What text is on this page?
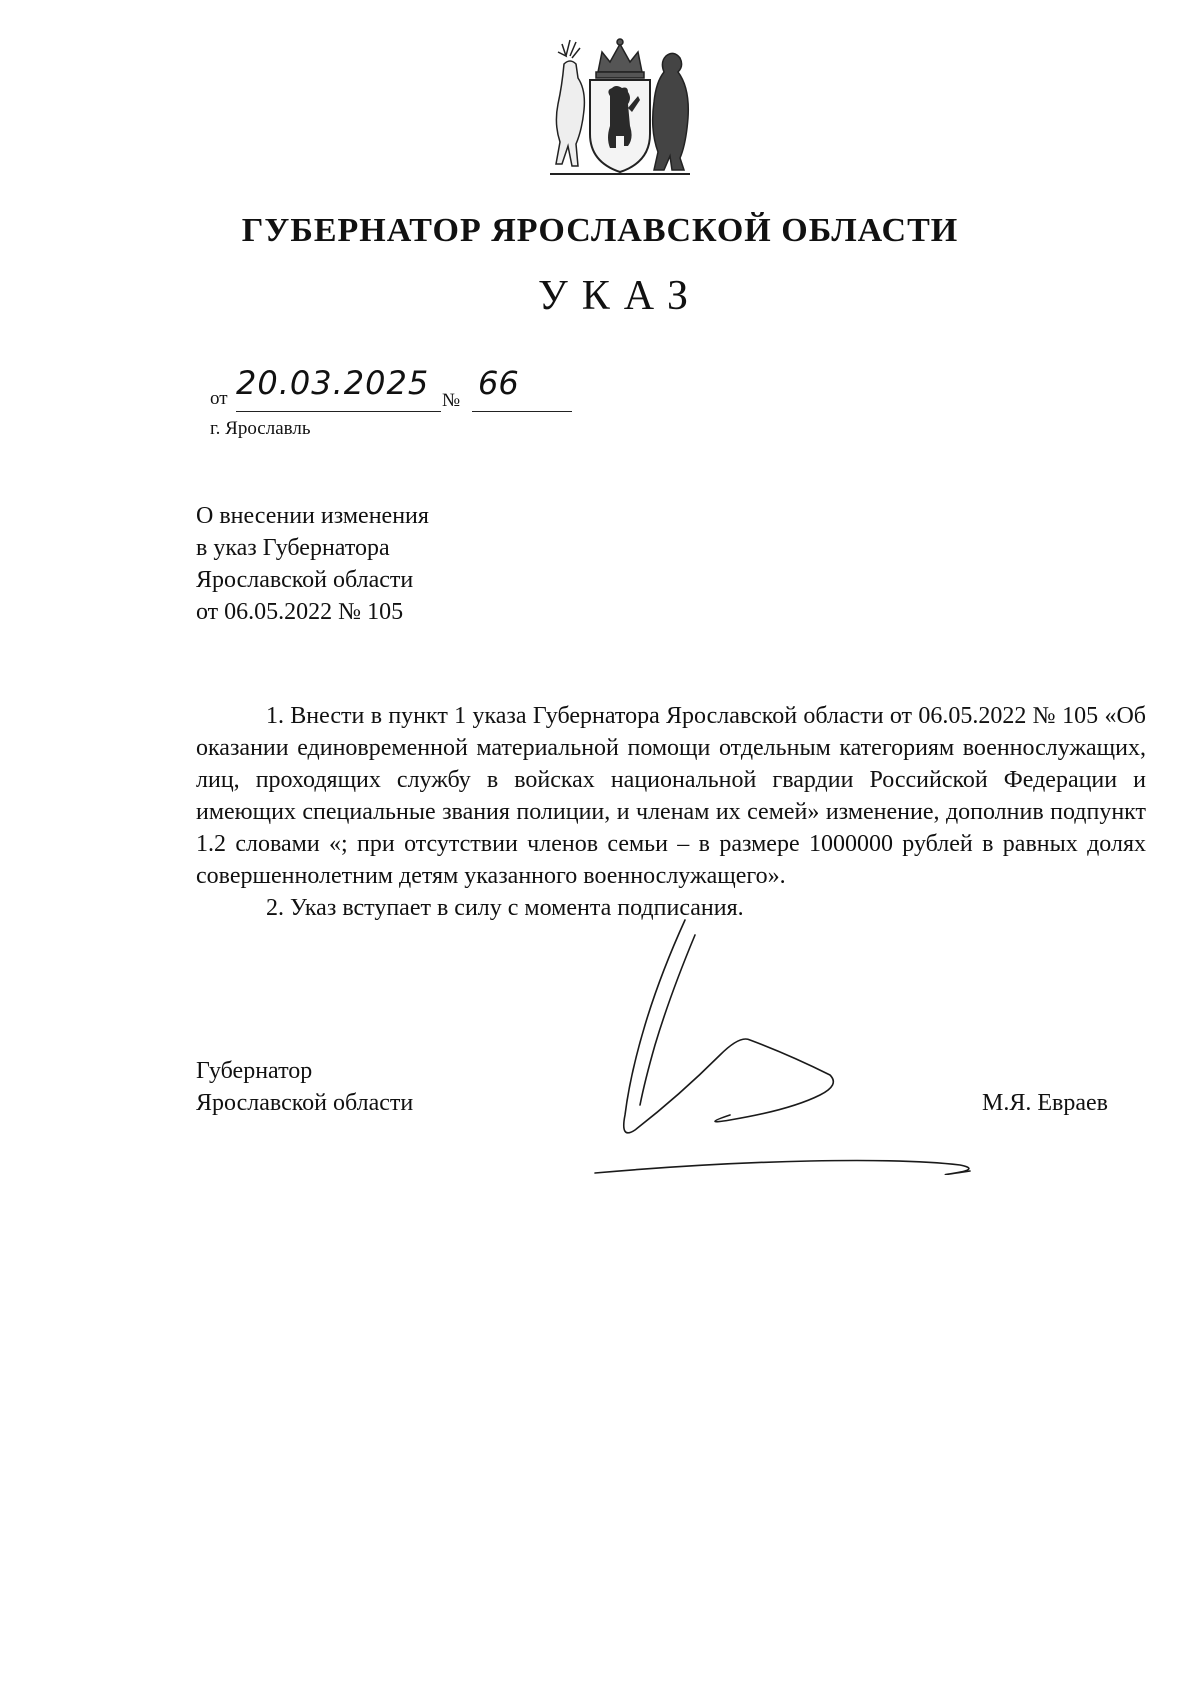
ГУБЕРНАТОР ЯРОСЛАВСКОЙ ОБЛАСТИ
УКАЗ
от 20.03.2025 № 66
г. Ярославль
О внесении изменения
в указ Губернатора
Ярославской области
от 06.05.2022 № 105

1. Внести в пункт 1 указа Губернатора Ярославской области от 06.05.2022 № 105 «Об оказании единовременной материальной помощи отдельным категориям военнослужащих, лиц, проходящих службу в войсках национальной гвардии Российской Федерации и имеющих специальные звания полиции, и членам их семей» изменение, дополнив подпункт 1.2 словами «; при отсутствии членов семьи – в размере 1000000 рублей в равных долях совершеннолетним детям указанного военнослужащего».

2. Указ вступает в силу с момента подписания.

Губернатор
Ярославской области	М.Я. Евраев
